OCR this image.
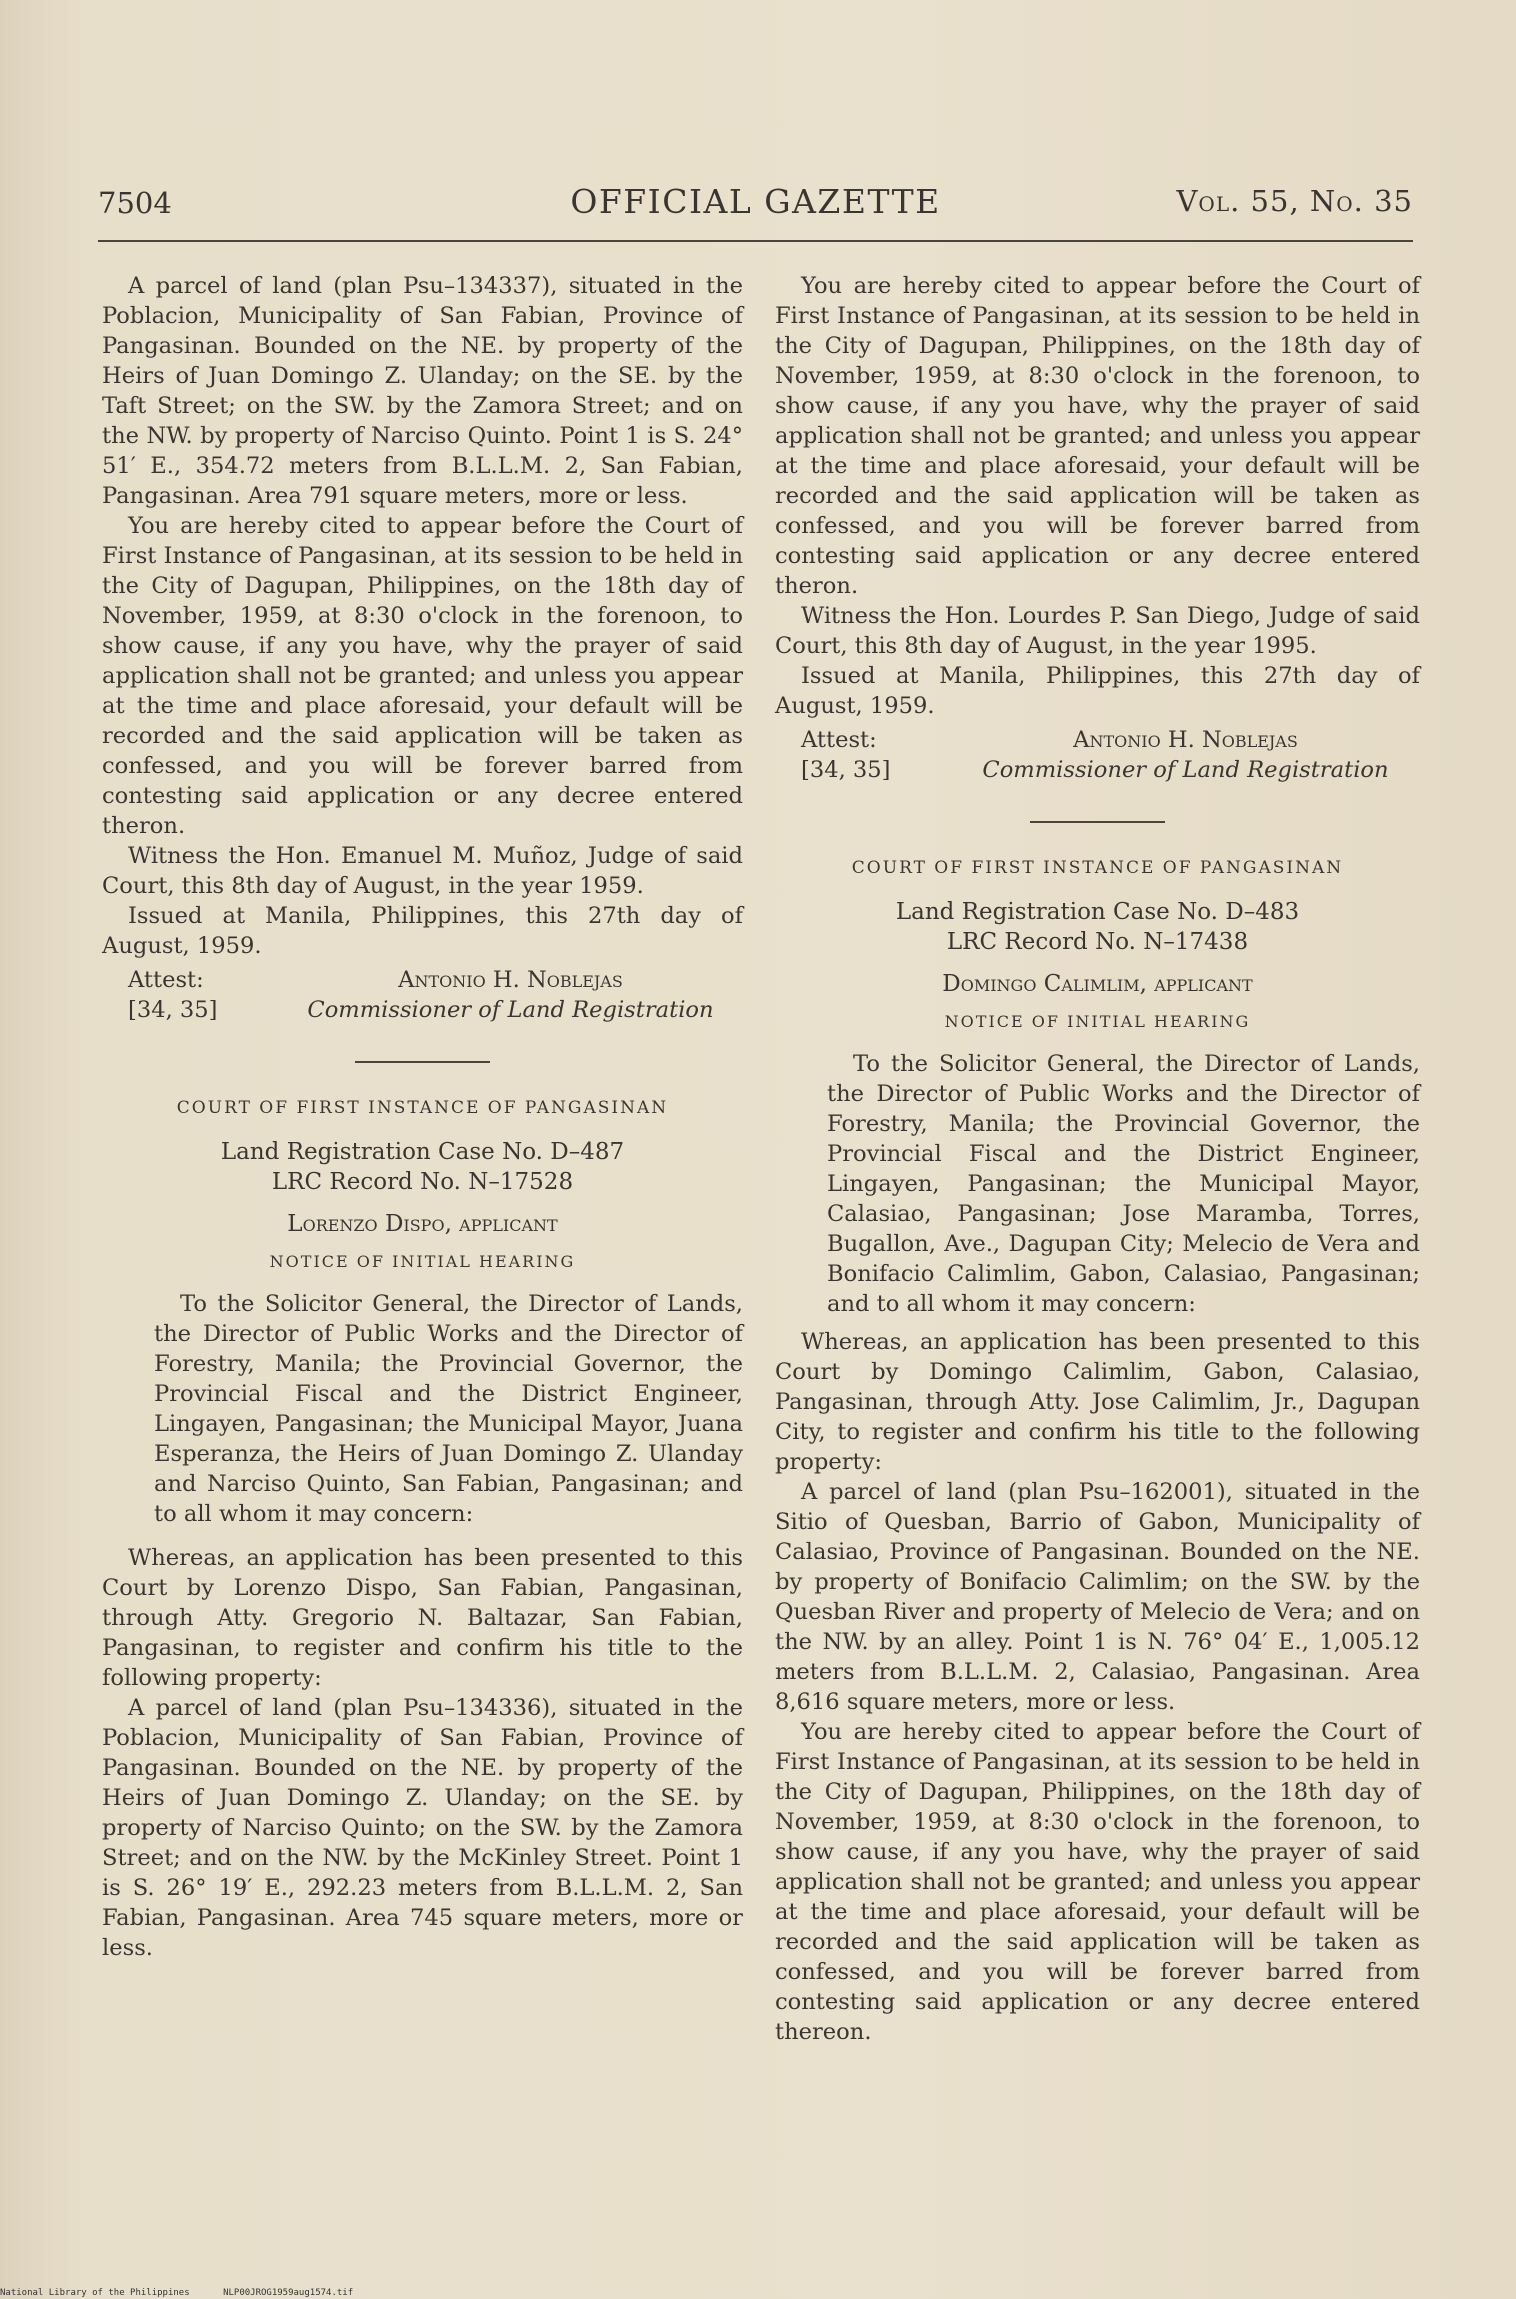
7504	OFFICIAL GAZETTE	Vol. 55, No. 35

A parcel of land (plan Psu–134337), situated in the Poblacion, Municipality of San Fabian, Province of Pangasinan. Bounded on the NE. by property of the Heirs of Juan Domingo Z. Ulanday; on the SE. by the Taft Street; on the SW. by the Zamora Street; and on the NW. by property of Narciso Quinto. Point 1 is S. 24° 51′ E., 354.72 meters from B.L.L.M. 2, San Fabian, Pangasinan. Area 791 square meters, more or less.

You are hereby cited to appear before the Court of First Instance of Pangasinan, at its session to be held in the City of Dagupan, Philippines, on the 18th day of November, 1959, at 8:30 o'clock in the forenoon, to show cause, if any you have, why the prayer of said application shall not be granted; and unless you appear at the time and place aforesaid, your default will be recorded and the said application will be taken as confessed, and you will be forever barred from contesting said application or any decree entered theron.

Witness the Hon. Emanuel M. Muñoz, Judge of said Court, this 8th day of August, in the year 1959.

Issued at Manila, Philippines, this 27th day of August, 1959.

Attest:
[34, 35]
Antonio H. Noblejas
Commissioner of Land Registration
COURT OF FIRST INSTANCE OF PANGASINAN
Land Registration Case No. D–487
LRC Record No. N–17528
Lorenzo Dispo, applicant
NOTICE OF INITIAL HEARING

To the Solicitor General, the Director of Lands, the Director of Public Works and the Director of Forestry, Manila; the Provincial Governor, the Provincial Fiscal and the District Engineer, Lingayen, Pangasinan; the Municipal Mayor, Juana Esperanza, the Heirs of Juan Domingo Z. Ulanday and Narciso Quinto, San Fabian, Pangasinan; and to all whom it may concern:

Whereas, an application has been presented to this Court by Lorenzo Dispo, San Fabian, Pangasinan, through Atty. Gregorio N. Baltazar, San Fabian, Pangasinan, to register and confirm his title to the following property:

A parcel of land (plan Psu–134336), situated in the Poblacion, Municipality of San Fabian, Province of Pangasinan. Bounded on the NE. by property of the Heirs of Juan Domingo Z. Ulanday; on the SE. by property of Narciso Quinto; on the SW. by the Zamora Street; and on the NW. by the McKinley Street. Point 1 is S. 26° 19′ E., 292.23 meters from B.L.L.M. 2, San Fabian, Pangasinan. Area 745 square meters, more or less.

You are hereby cited to appear before the Court of First Instance of Pangasinan, at its session to be held in the City of Dagupan, Philippines, on the 18th day of November, 1959, at 8:30 o'clock in the forenoon, to show cause, if any you have, why the prayer of said application shall not be granted; and unless you appear at the time and place aforesaid, your default will be recorded and the said application will be taken as confessed, and you will be forever barred from contesting said application or any decree entered theron.

Witness the Hon. Lourdes P. San Diego, Judge of said Court, this 8th day of August, in the year 1995.

Issued at Manila, Philippines, this 27th day of August, 1959.

Attest:
[34, 35]
Antonio H. Noblejas
Commissioner of Land Registration
COURT OF FIRST INSTANCE OF PANGASINAN
Land Registration Case No. D–483
LRC Record No. N–17438
Domingo Calimlim, applicant
NOTICE OF INITIAL HEARING

To the Solicitor General, the Director of Lands, the Director of Public Works and the Director of Forestry, Manila; the Provincial Governor, the Provincial Fiscal and the District Engineer, Lingayen, Pangasinan; the Municipal Mayor, Calasiao, Pangasinan; Jose Maramba, Torres, Bugallon, Ave., Dagupan City; Melecio de Vera and Bonifacio Calimlim, Gabon, Calasiao, Pangasinan; and to all whom it may concern:

Whereas, an application has been presented to this Court by Domingo Calimlim, Gabon, Calasiao, Pangasinan, through Atty. Jose Calimlim, Jr., Dagupan City, to register and confirm his title to the following property:

A parcel of land (plan Psu–162001), situated in the Sitio of Quesban, Barrio of Gabon, Municipality of Calasiao, Province of Pangasinan. Bounded on the NE. by property of Bonifacio Calimlim; on the SW. by the Quesban River and property of Melecio de Vera; and on the NW. by an alley. Point 1 is N. 76° 04′ E., 1,005.12 meters from B.L.L.M. 2, Calasiao, Pangasinan. Area 8,616 square meters, more or less.

You are hereby cited to appear before the Court of First Instance of Pangasinan, at its session to be held in the City of Dagupan, Philippines, on the 18th day of November, 1959, at 8:30 o'clock in the forenoon, to show cause, if any you have, why the prayer of said application shall not be granted; and unless you appear at the time and place aforesaid, your default will be recorded and the said application will be taken as confessed, and you will be forever barred from contesting said application or any decree entered thereon.

National Library of the Philippines	NLP00JROG1959aug1574.tif
